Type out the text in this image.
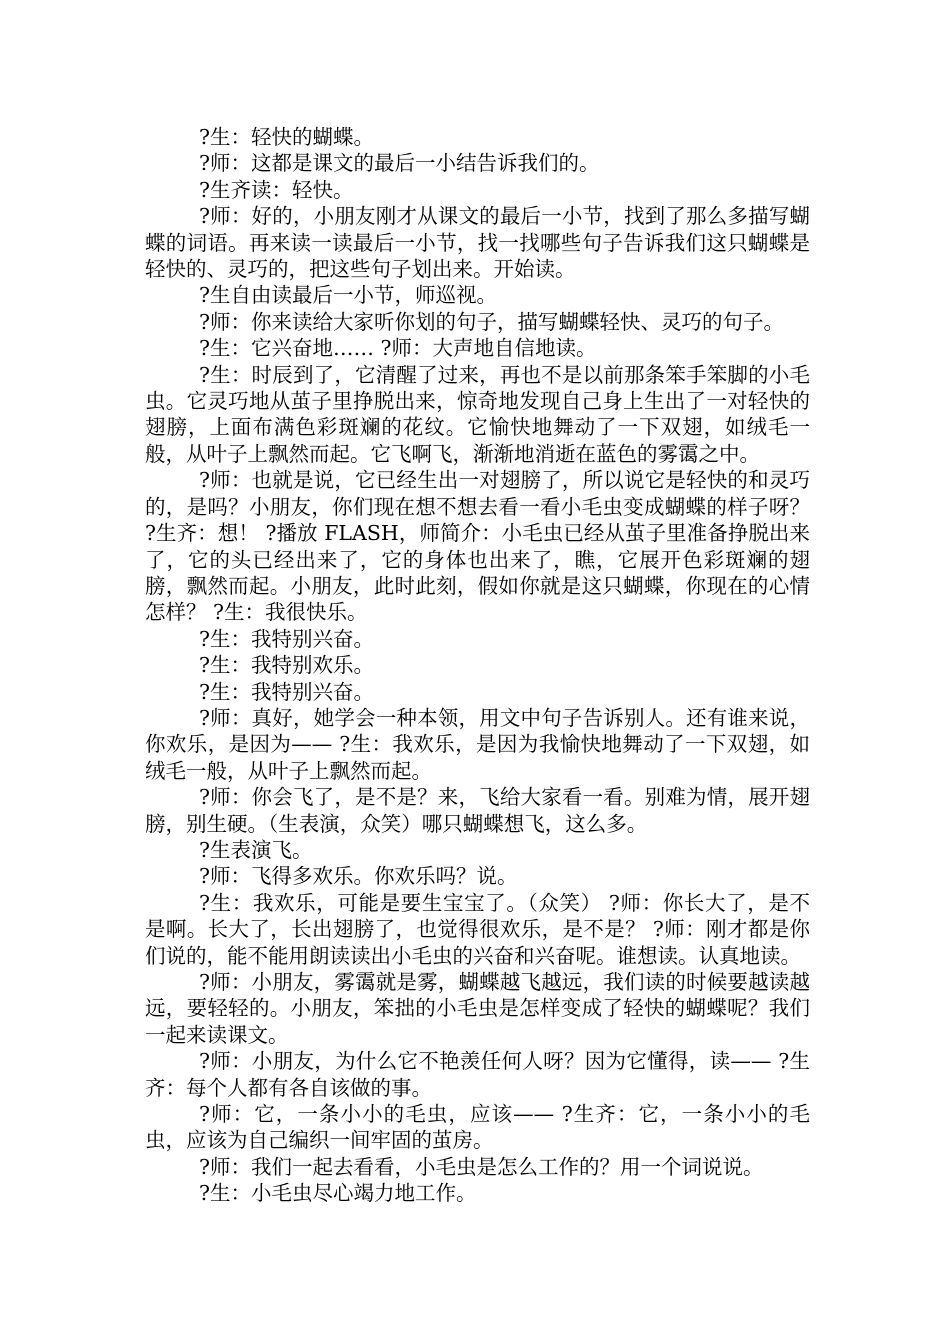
?生：轻快的蝴蝶。

?师：这都是课文的最后一小结告诉我们的。

?生齐读：轻快。

?师：好的，小朋友刚才从课文的最后一小节，找到了那么多描写蝴蝶的词语。再来读一读最后一小节，找一找哪些句子告诉我们这只蝴蝶是轻快的、灵巧的，把这些句子划出来。开始读。

?生自由读最后一小节，师巡视。

?师：你来读给大家听你划的句子，描写蝴蝶轻快、灵巧的句子。

?生：它兴奋地…… ?师：大声地自信地读。

?生：时辰到了，它清醒了过来，再也不是以前那条笨手笨脚的小毛虫。它灵巧地从茧子里挣脱出来，惊奇地发现自己身上生出了一对轻快的翅膀，上面布满色彩斑斓的花纹。它愉快地舞动了一下双翅，如绒毛一般，从叶子上飘然而起。它飞啊飞，渐渐地消逝在蓝色的雾霭之中。

?师：也就是说，它已经生出一对翅膀了，所以说它是轻快的和灵巧的，是吗？小朋友，你们现在想不想去看一看小毛虫变成蝴蝶的样子呀？ ?生齐：想！ ?播放 FLASH，师简介：小毛虫已经从茧子里准备挣脱出来了，它的头已经出来了，它的身体也出来了，瞧，它展开色彩斑斓的翅膀，飘然而起。小朋友，此时此刻，假如你就是这只蝴蝶，你现在的心情怎样？ ?生：我很快乐。

?生：我特别兴奋。

?生：我特别欢乐。

?生：我特别兴奋。

?师：真好，她学会一种本领，用文中句子告诉别人。还有谁来说，你欢乐，是因为—— ?生：我欢乐，是因为我愉快地舞动了一下双翅，如绒毛一般，从叶子上飘然而起。

?师：你会飞了，是不是？来，飞给大家看一看。别难为情，展开翅膀，别生硬。（生表演，众笑）哪只蝴蝶想飞，这么多。

?生表演飞。

?师：飞得多欢乐。你欢乐吗？说。

?生：我欢乐，可能是要生宝宝了。（众笑） ?师：你长大了，是不是啊。长大了，长出翅膀了，也觉得很欢乐，是不是？ ?师：刚才都是你们说的，能不能用朗读读出小毛虫的兴奋和兴奋呢。谁想读。认真地读。

?师：小朋友，雾霭就是雾，蝴蝶越飞越远，我们读的时候要越读越远，要轻轻的。小朋友，笨拙的小毛虫是怎样变成了轻快的蝴蝶呢？我们一起来读课文。

?师：小朋友，为什么它不艳羡任何人呀？因为它懂得，读—— ?生齐：每个人都有各自该做的事。

?师：它，一条小小的毛虫，应该—— ?生齐：它，一条小小的毛虫，应该为自己编织一间牢固的茧房。

?师：我们一起去看看，小毛虫是怎么工作的？用一个词说说。

?生：小毛虫尽心竭力地工作。
